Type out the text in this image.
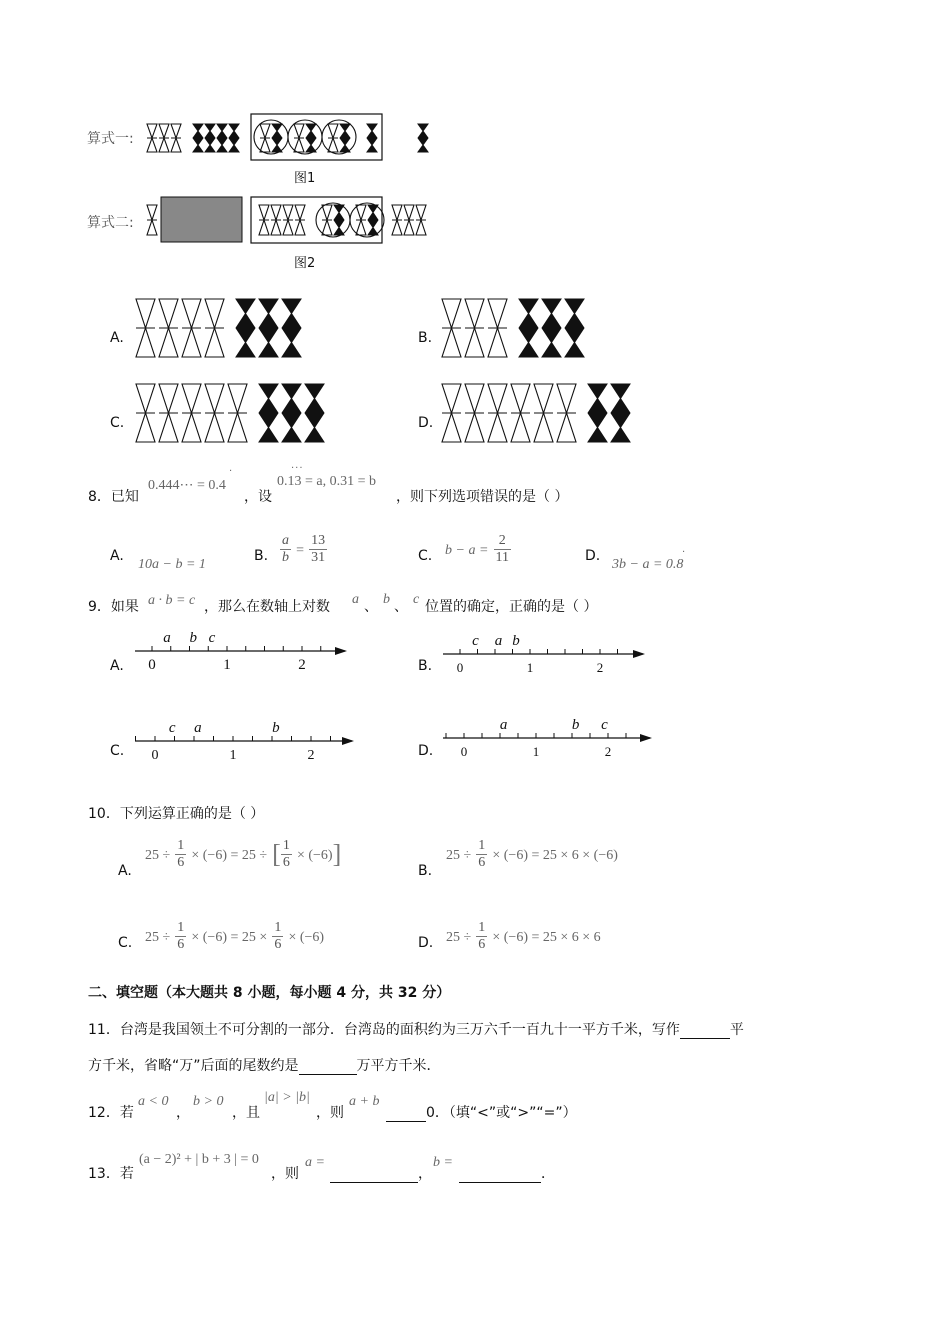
算式一:
图1
算式二:
图2
A.	B.
C.	D.
8．已知
0.444⋯ = 0.4
·
，设
0.13 = a, 0.31 = b
···
，则下列选项错误的是（ ）
A.
10a − b = 1
B. $\frac{a}{b} = \frac{13}{31}$	C. $b - a = \frac{2}{11}$	D.
3b − a = 0.8
·
9．如果 a · b = c ，那么在数轴上对数 a 、 b 、 c 位置的确定，正确的是（ ）
A. 0	1	2
a b c
B. 0	1	2
c a b
C. 0	1	2
c a	b
D. 0	1	2
a	b c
10．下列运算正确的是（ ）
A.
$25 \div \frac{1}{6} \times (-6) = 25$ ÷ [ $\frac{1}{6} \times (-6)$]
B.
$25 \div \frac{1}{6} \times (-6) = 25 \times 6 \times (-6)$
C. $25 \div \frac{1}{6} \times (-6) = 25 \times \frac{1}{6} \times (-6)$	D. $25 \div \frac{1}{6} \times (-6) = 25 \times 6 \times 6$
二、填空题（本大题共 8 小题，每小题 4 分，共 32 分）
11．台湾是我国领土不可分割的一部分．台湾岛的面积约为三万六千一百九十一平方千米，写作	平
方千米，省略“万”后面的尾数约是	万平方千米．
12．若
a < 0
，
b > 0
，且
|a| > |b|
，则
a + b
0．（填“<”或“>”“=”）
13．若
(a − 2)² + | b + 3 | = 0
，则
a =
，
b =
．
